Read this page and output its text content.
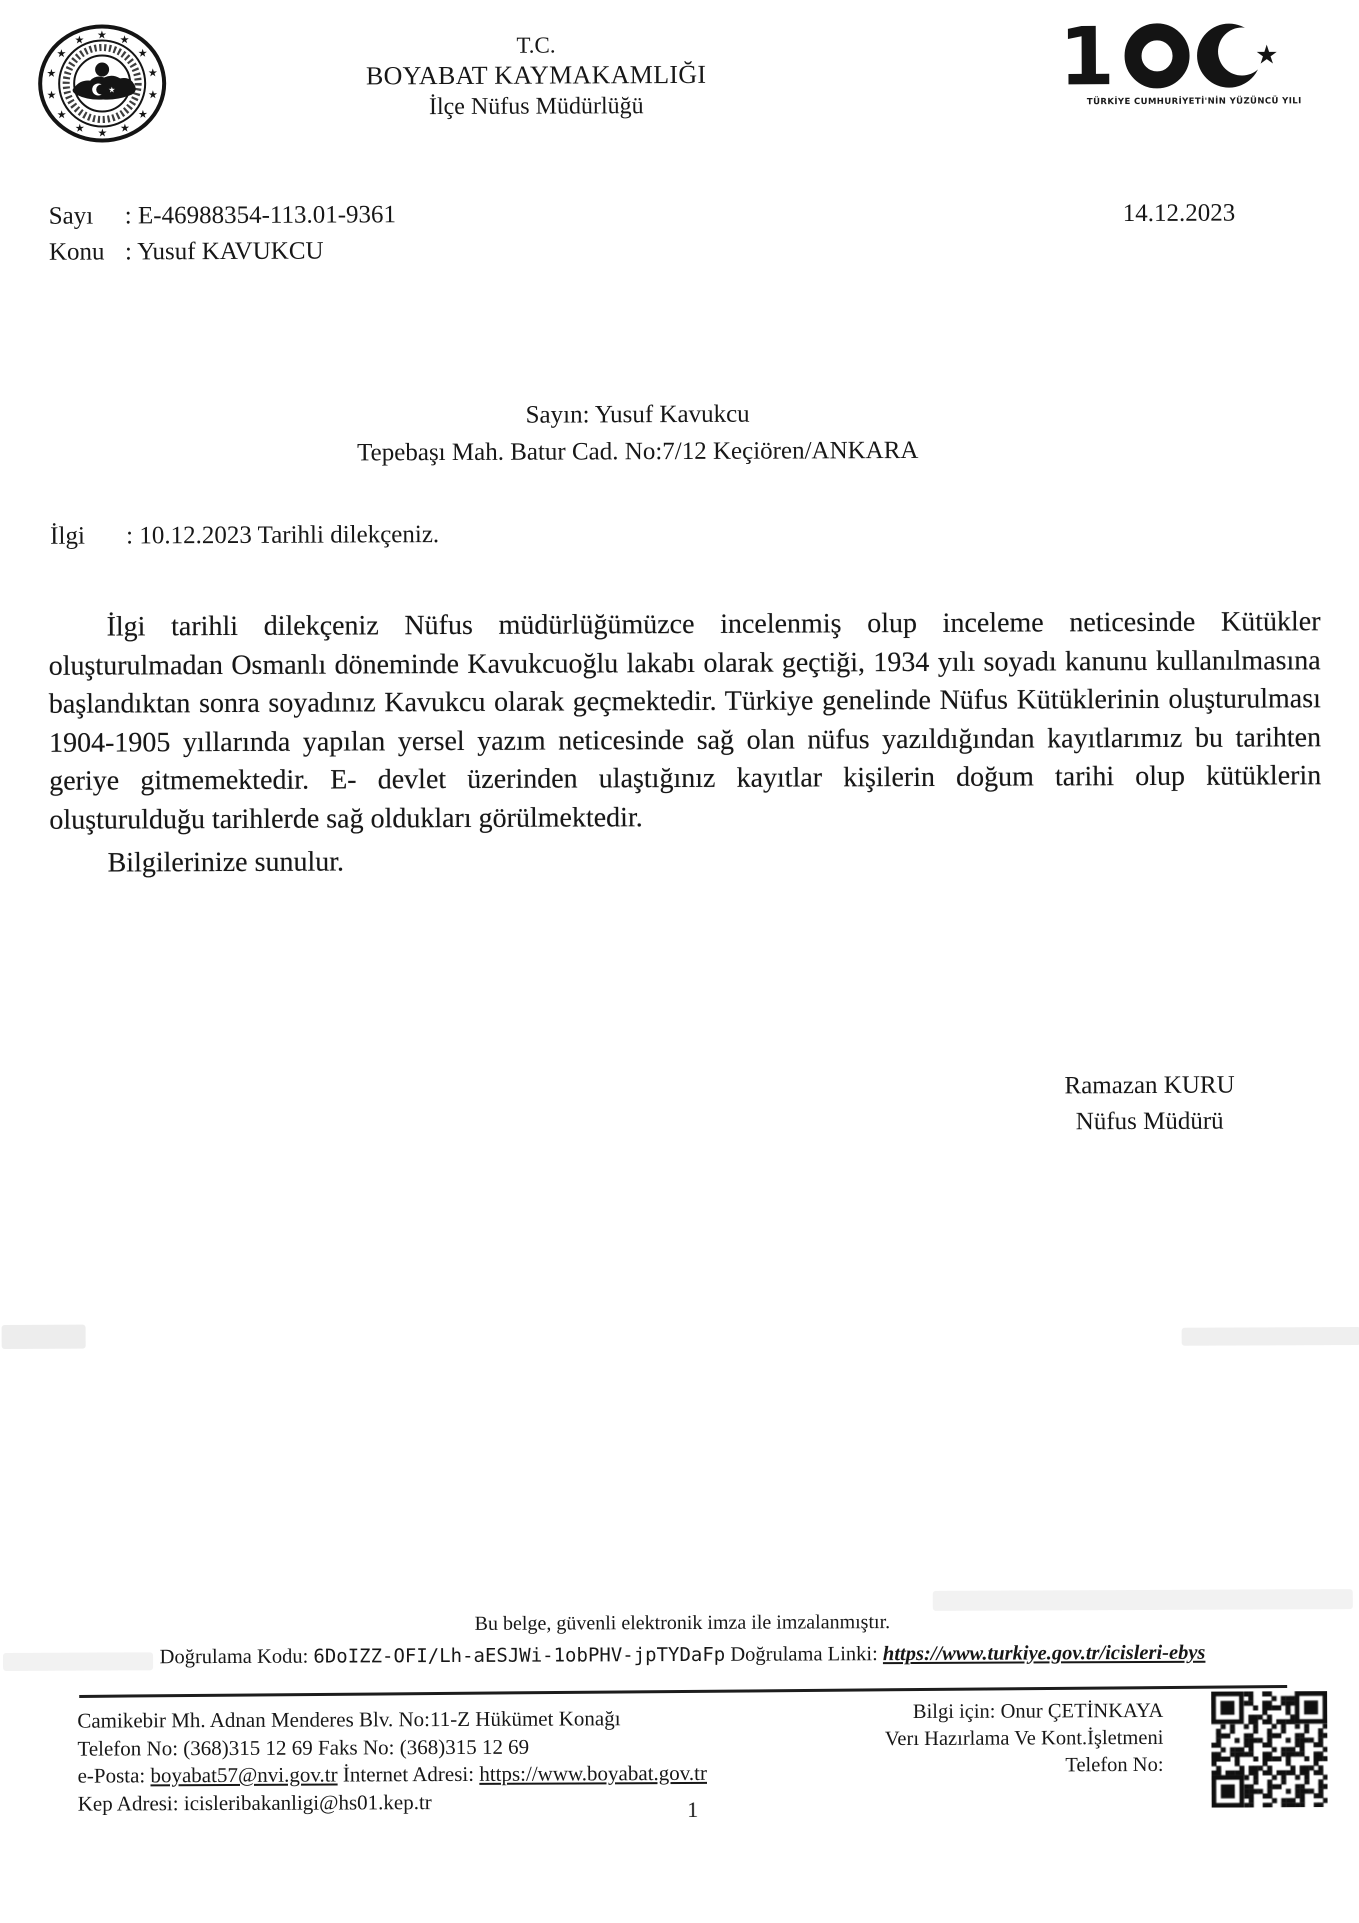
★
★ ★
★
★
★
★
★
★
★
★
★
★
★
★	T.C.
BOYABAT KAYMAKAMLIĞI
İlçe Nüfus Müdürlüğü
1	★
TÜRKİYE CUMHURİYETİ'NİN YÜZÜNCÜ YILI
Sayı : E-46988354-113.01-9361
Konu : Yusuf KAVUKCU
14.12.2023
Sayın: Yusuf Kavukcu
Tepebaşı Mah. Batur Cad. No:7/12 Keçiören/ANKARA
İlgi : 10.12.2023 Tarihli dilekçeniz.

İlgi tarihli dilekçeniz Nüfus müdürlüğümüzce incelenmiş olup inceleme neticesinde Kütükler oluşturulmadan Osmanlı döneminde Kavukcuoğlu lakabı olarak geçtiği, 1934 yılı soyadı kanunu kullanılmasına başlandıktan sonra soyadınız Kavukcu olarak geçmektedir. Türkiye genelinde Nüfus Kütüklerinin oluşturulması 1904-1905 yıllarında yapılan yersel yazım neticesinde sağ olan nüfus yazıldığından kayıtlarımız bu tarihten geriye gitmemektedir. E- devlet üzerinden ulaştığınız kayıtlar kişilerin doğum tarihi olup kütüklerin oluşturulduğu tarihlerde sağ oldukları görülmektedir.

Bilgilerinize sunulur.

Ramazan KURU
Nüfus Müdürü
Bu belge, güvenli elektronik imza ile imzalanmıştır.
Doğrulama Kodu: 6DoIZZ-OFI/Lh-aESJWi-1obPHV-jpTYDaFp Doğrulama Linki: https://www.turkiye.gov.tr/icisleri-ebys
Camikebir Mh. Adnan Menderes Blv. No:11-Z Hükümet Konağı
Telefon No: (368)315 12 69 Faks No: (368)315 12 69
e-Posta: boyabat57@nvi.gov.tr İnternet Adresi: https://www.boyabat.gov.tr
Kep Adresi: icisleribakanligi@hs01.kep.tr
Bilgi için: Onur ÇETİNKAYA
Verı Hazırlama Ve Kont.İşletmeni
Telefon No:
1
